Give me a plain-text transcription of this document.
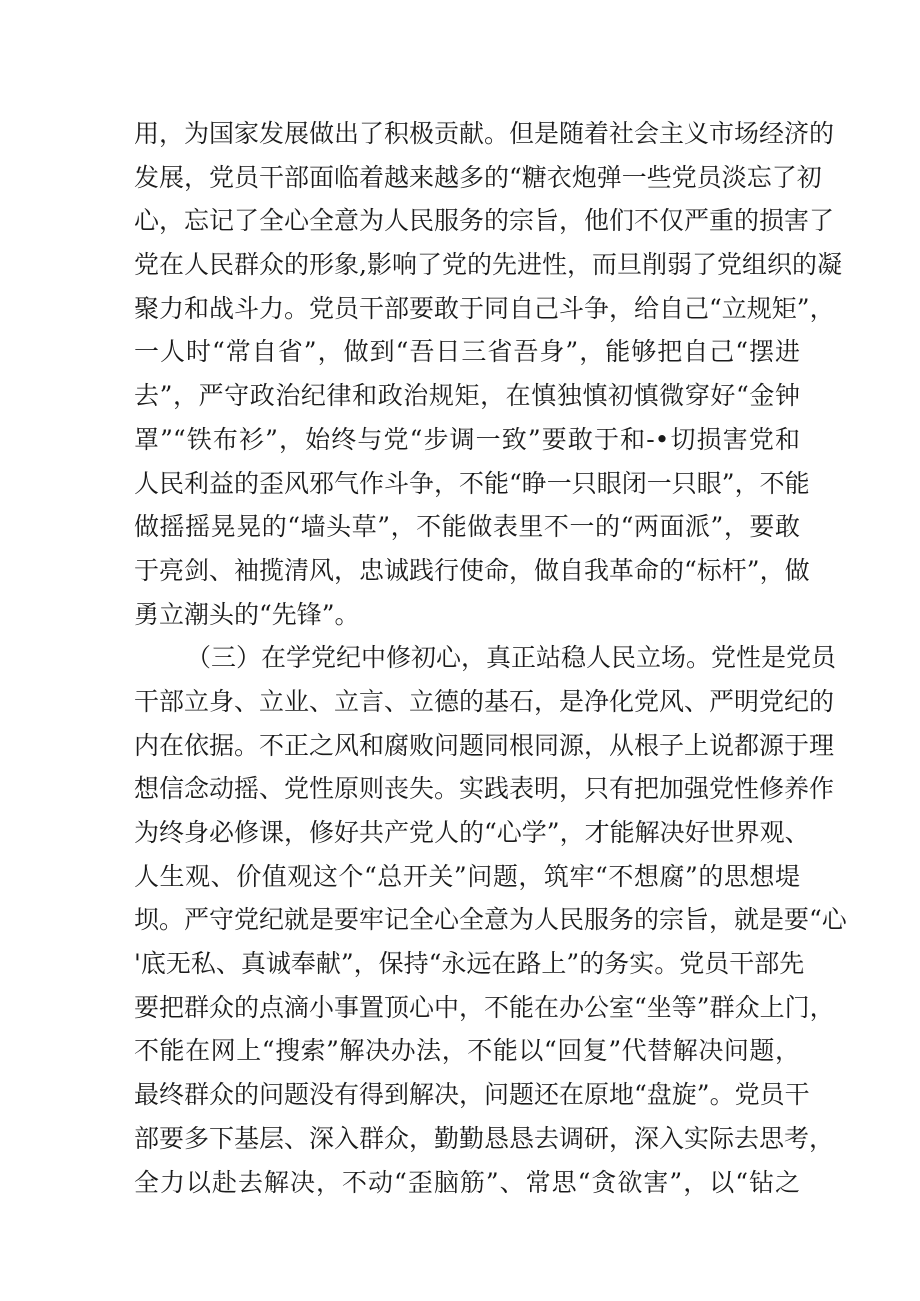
用，为国家发展做出了积极贡献。但是随着社会主义市场经济的
发展，党员干部面临着越来越多的“糖衣炮弹一些党员淡忘了初
心，忘记了全心全意为人民服务的宗旨，他们不仅严重的损害了
党在人民群众的形象,影响了党的先进性，而旦削弱了党组织的凝
聚力和战斗力。党员干部要敢于同自己斗争，给自己“立规矩”，
一人时“常自省”，做到“吾日三省吾身”，能够把自己“摆进
去”，严守政治纪律和政治规矩，在慎独慎初慎微穿好“金钟
罩”“铁布衫”，始终与党“步调一致”要敢于和-•切损害党和
人民利益的歪风邪气作斗争，不能“睁一只眼闭一只眼”，不能
做摇摇晃晃的“墙头草”，不能做表里不一的“两面派”，要敢
于亮剑、袖揽清风，忠诚践行使命，做自我革命的“标杆”，做
勇立潮头的“先锋”。
（三）在学党纪中修初心，真正站稳人民立场。党性是党员
干部立身、立业、立言、立德的基石，是净化党风、严明党纪的
内在依据。不正之风和腐败问题同根同源，从根子上说都源于理
想信念动摇、党性原则丧失。实践表明，只有把加强党性修养作
为终身必修课，修好共产党人的“心学”，才能解决好世界观、
人生观、价值观这个“总开关”问题，筑牢“不想腐”的思想堤
坝。严守党纪就是要牢记全心全意为人民服务的宗旨，就是要“心
'底无私、真诚奉献”，保持“永远在路上”的务实。党员干部先
要把群众的点滴小事置顶心中，不能在办公室“坐等”群众上门，
不能在网上“搜索”解决办法，不能以“回复”代替解决问题，
最终群众的问题没有得到解决，问题还在原地“盘旋”。党员干
部要多下基层、深入群众，勤勤恳恳去调研，深入实际去思考，
全力以赴去解决，不动“歪脑筋”、常思“贪欲害”，以“钻之
